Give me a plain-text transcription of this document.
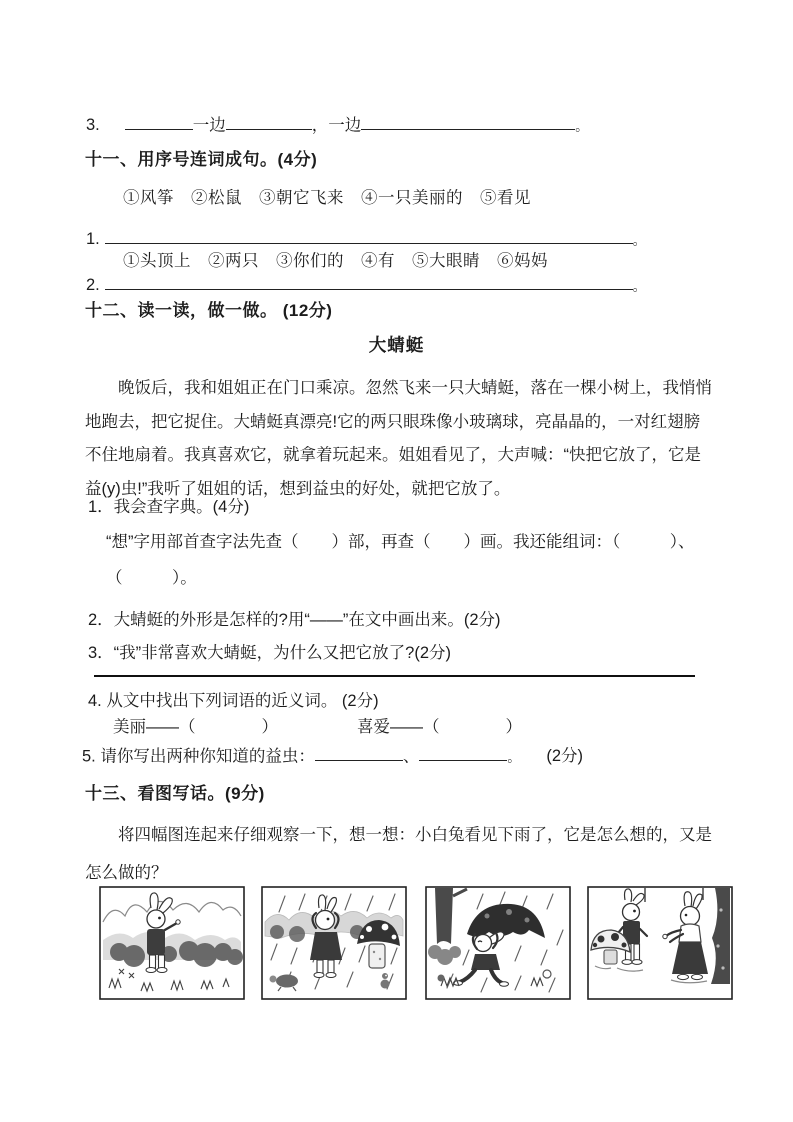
3.	一边	，一边	。
十一、用序号连词成句。(4分)
①风筝　②松鼠　③朝它飞来　④一只美丽的　⑤看见
1.	。
①头顶上　②两只　③你们的　④有　⑤大眼睛　⑥妈妈
2.	。
十二、读一读，做一做。 (12分)
大蜻蜓
晚饭后，我和姐姐正在门口乘凉。忽然飞来一只大蜻蜓，落在一棵小树上，我悄悄
地跑去，把它捉住。大蜻蜓真漂亮!它的两只眼珠像小玻璃球，亮晶晶的，一对红翅膀
不住地扇着。我真喜欢它，就拿着玩起来。姐姐看见了，大声喊：“快把它放了，它是
益(y)虫!”我听了姐姐的话，想到益虫的好处，就把它放了。
1．我会查字典。(4分)
“想”字用部首查字法先查（　　）部，再查（　　）画。我还能组词：（　　　）、
（　　　）。
2．大蜻蜓的外形是怎样的?用“——”在文中画出来。(2分)
3．“我”非常喜欢大蜻蜓，为什么又把它放了?(2分)
4. 从文中找出下列词语的近义词。 (2分)
美丽——（　　　　）	喜爱——（　　　　）
5. 请你写出两种你知道的益虫：	、	。 (2分)
十三、看图写话。(9分)
将四幅图连起来仔细观察一下，想一想：小白兔看见下雨了，它是怎么想的，又是
怎么做的？
